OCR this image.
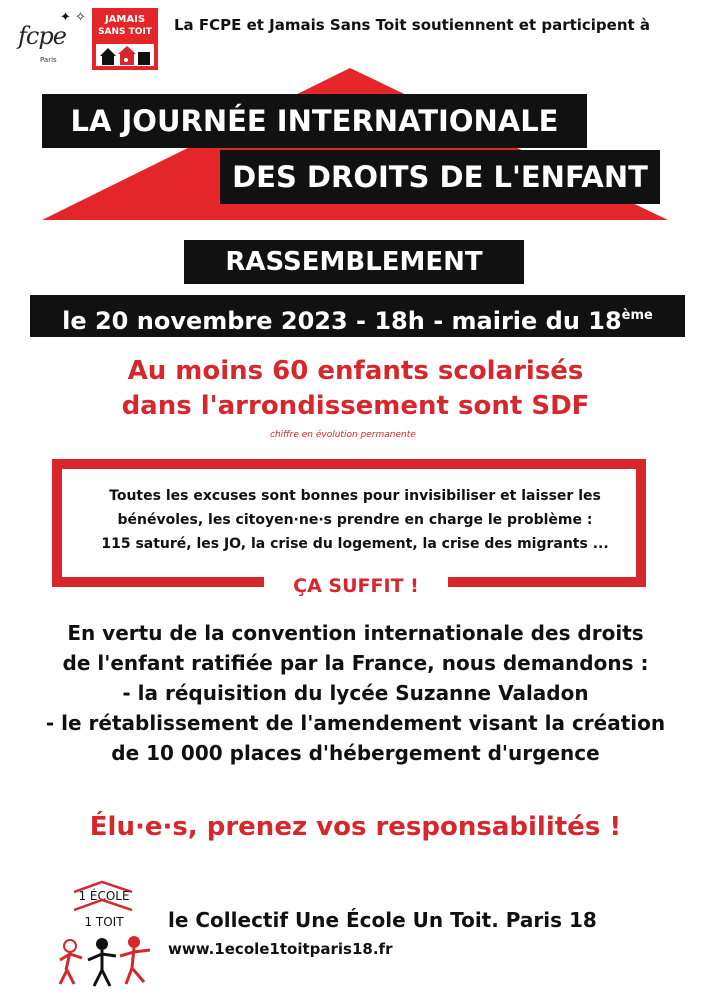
✦ ✧
fcpe
Paris
JAMAIS
SANS TOIT	La FCPE et Jamais Sans Toit soutiennent et participent à
LA JOURNÉE INTERNATIONALE
DES DROITS DE L'ENFANT
RASSEMBLEMENT
le 20 novembre 2023 - 18h - mairie du 18ème
Au moins 60 enfants scolarisés
dans l'arrondissement sont SDF
chiffre en évolution permanente
Toutes les excuses sont bonnes pour invisibiliser et laisser les
bénévoles, les citoyen·ne·s prendre en charge le problème :
115 saturé, les JO, la crise du logement, la crise des migrants ...
ÇA SUFFIT !
En vertu de la convention internationale des droits
de l'enfant ratifiée par la France, nous demandons :
- la réquisition du lycée Suzanne Valadon
- le rétablissement de l'amendement visant la création
de 10 000 places d'hébergement d'urgence
Élu·e·s, prenez vos responsabilités !
1 ÉCOLE
1 TOIT le Collectif Une École Un Toit. Paris 18
www.1ecole1toitparis18.fr
